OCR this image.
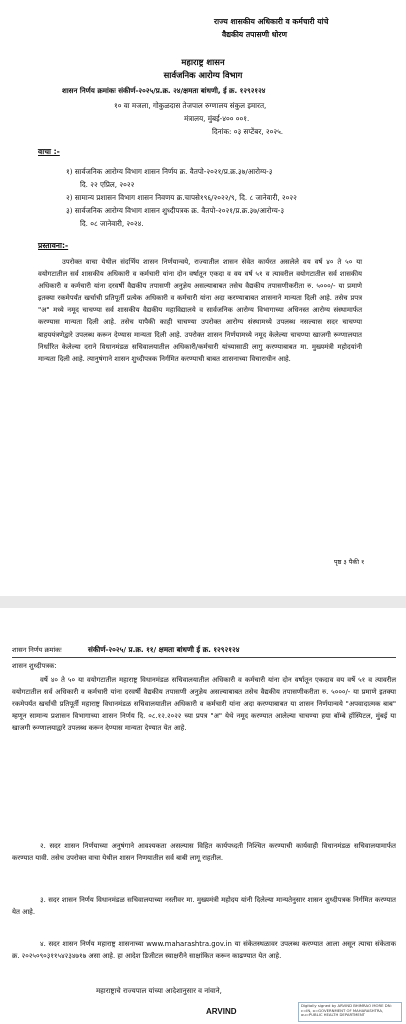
राज्य शासकीय अधिकारी व कर्मचारी यांचे
वैद्यकीय तपासणी धोरण
महाराष्ट्र शासन
सार्वजनिक आरोग्य विभाग
शासन निर्णय क्रमांकः संकीर्ण-२०२५/प्र.क्र. २४/क्षमता बांधणी, ई क्र. १२९२१२४
१० वा मजला, गोकुळदास तेजपाल रुग्णालय संकुल इमारत,
मंत्रालय, मुंबई-४०० ००१.
दिनांक: ०३ सप्टेंबर, २०२५.
वाचा :-
१) सार्वजनिक आरोग्य विभाग शासन निर्णय क्र. वैतपो-२०२१/प्र.क्र.३७/आरोग्य-३
दि. २२ एप्रिल, २०२२
२) सामान्य प्रशासन विभाग शासन निवणय क्र.चापसे१९६/२०२२/९, दि. ८ जानेवारी, २०२२
३) सार्वजनिक आरोग्य विभाग शासन शुध्दीपत्रक क्र. वैतपो-२०२१/प्र.क्र.३७/आरोग्य-३
दि. ०८ जानेवारी, २०२४.
प्रस्तावना:-
उपरोक्त वाचा येथील संदर्भिय शासन निर्णयान्वये, राज्यातील शासन सेवेत कार्यरत असलेले वय वर्ष ४० ते ५० या वयोगटातील सर्व शासकीय अधिकारी व कर्मचारी यांना दोन वर्षातून एकदा व वय वर्ष ५१ व त्यावरील वयोगटातील सर्व शासकीय अधिकारी व कर्मचारी यांना दरवर्षी वैद्यकीय तपासणी अनुज्ञेय असल्याबाबत तसेच वैद्यकीय तपासणीकरीता रु. ५०००/- या प्रमाणे इतक्या रकमेपर्यंत खर्चाची प्रतिपूर्ती प्रत्येक अधिकारी व कर्मचारी यांना अदा करण्याबाबत शासनाने मान्यता दिली आहे. तसेच प्रपत्र "अ" मध्ये नमूद चाचण्या सर्व शासकीय वैद्यकीय महाविद्यालये व सार्वजनिक आरोग्य विभागाच्या अधिनस्त आरोग्य संस्थामार्फत करण्यास मान्यता दिली आहे. तसेच यापैकी काही चाचण्या उपरोक्त आरोग्य संस्थामध्ये उपलब्ध नसल्यास सदर चाचण्या बाहययंत्रणेद्वारे उपलब्ध करून देण्यास मान्यता दिली आहे. उपरोक्त शासन निर्णयामध्ये नमूद केलेल्या चाचण्या खाजगी रूग्णालयात निर्धारित केलेल्या दराने विधानमंडळ सचिवालयातील अधिकारी/कर्मचारी यांच्यासाठी लागु करण्याबाबत मा. मुख्यमंत्री महोदयांनी मान्यता दिली आहे. त्यानुषंगाने शासन शुध्दीपत्रक निर्गमित करण्याची बाबत शासनाच्या विचाराधीन आहे.
पृष्ठ ३ पैकी १
शासन निर्णय क्रमांकः	संकीर्ण-२०२५/ प्र.क्र. ११/ क्षमता बांधणी ई क्र. १२९२१२४
शासन शुध्दीपत्रक:
वर्षे ४० ते ५० या वयोगटातील महाराष्ट्र विधानमंडळ सचिवालयातील अधिकारी व कर्मचारी यांना दोन वर्षातून एकदाव वय वर्षे ५१ व त्यावरील वयोगटातील सर्व अधिकारी व कर्मचारी यांना दरवर्षी वैद्यकीय तपासणी अनुज्ञेय असल्याबाबत तसेच वैद्यकीय तपासणीकरीता रु. ५०००/- या प्रमाणे इतक्या रकमेपर्यंत खर्चाची प्रतिपूर्ती महाराष्ट्र विधानमंडळ सचिवालयातील अधिकारी व कर्मचारी यांना अदा करण्याबाबत या शासन निर्णयान्वये "अपवादात्मक बाब" म्हणून सामान्य प्रशासन विभागाच्या शासन निर्णय दि. ०८.१२.२०२२ च्या प्रपत्र "अ" येथे नमूद करण्यात आलेल्या चाचण्या हया बॉम्बे हॉस्पिटल, मुंबई या खाजगी रूग्णालयाद्वारे उपलब्ध करून देण्यास मान्यता देण्यात येत आहे.
२. सदर शासन निर्णयाच्या अनुषंगाने आवश्यकता असल्यास विहित कार्यपध्दती निश्चित करण्याची कार्यवाही विधानमंडळ सचिवालयामार्फत करण्यात यावी. तसेच उपरोक्त वाचा येथील शासन निणयातील सर्व बाबी लागू राहतील.
३. सदर शासन निर्णय विधानमंडळ सचिवालयाच्या नस्तीवर मा. मुख्यमंत्री महोदय यांनी दिलेल्या मान्यतेनुसार शासन शुध्दीपत्रक निर्गमित करण्यात येत आहे.
४. सदर शासन निर्णय महाराष्ट्र शासनाच्या www.maharashtra.gov.in या संकेतस्थळावर उपलब्ध करण्यात आला असून त्याचा संकेताक क्र. २०२५०९०३११५४२३४७१७ असा आहे. हा आदेश डिजीटल स्वाक्षरीने साक्षांकित करून काढण्यात येत आहे.
महाराष्ट्राचे राज्यपाल यांच्या आदेशानुसार व नांवाने,
ARVIND
Digitally signed by ARVIND BHIMRAO MORE DN: c=IN, o=GOVERNMENT OF MAHARASHTRA, ou=PUBLIC HEALTH DEPARTMENT
